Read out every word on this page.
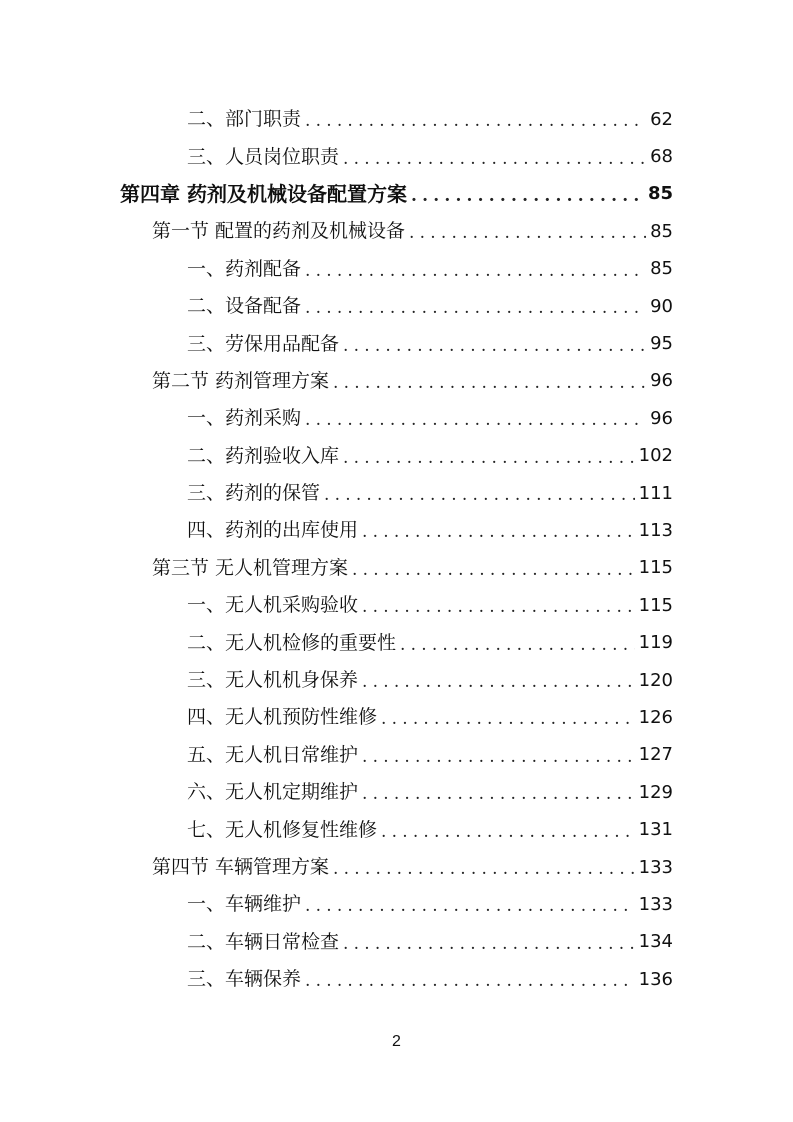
二、部门职责 .....	62
三、人员岗位职责 .....	68
第四章 药剂及机械设备配置方案 .....	85
第一节 配置的药剂及机械设备 .....	85
一、药剂配备 .....	85
二、设备配备 .....	90
三、劳保用品配备 .....	95
第二节 药剂管理方案 .....	96
一、药剂采购 .....	96
二、药剂验收入库 .....	102
三、药剂的保管 .....	111
四、药剂的出库使用 .....	113
第三节 无人机管理方案 .....	115
一、无人机采购验收 .....	115
二、无人机检修的重要性 .....	119
三、无人机机身保养 .....	120
四、无人机预防性维修 .....	126
五、无人机日常维护 .....	127
六、无人机定期维护 .....	129
七、无人机修复性维修 .....	131
第四节 车辆管理方案 .....	133
一、车辆维护 .....	133
二、车辆日常检查 .....	134
三、车辆保养 .....	136
2
